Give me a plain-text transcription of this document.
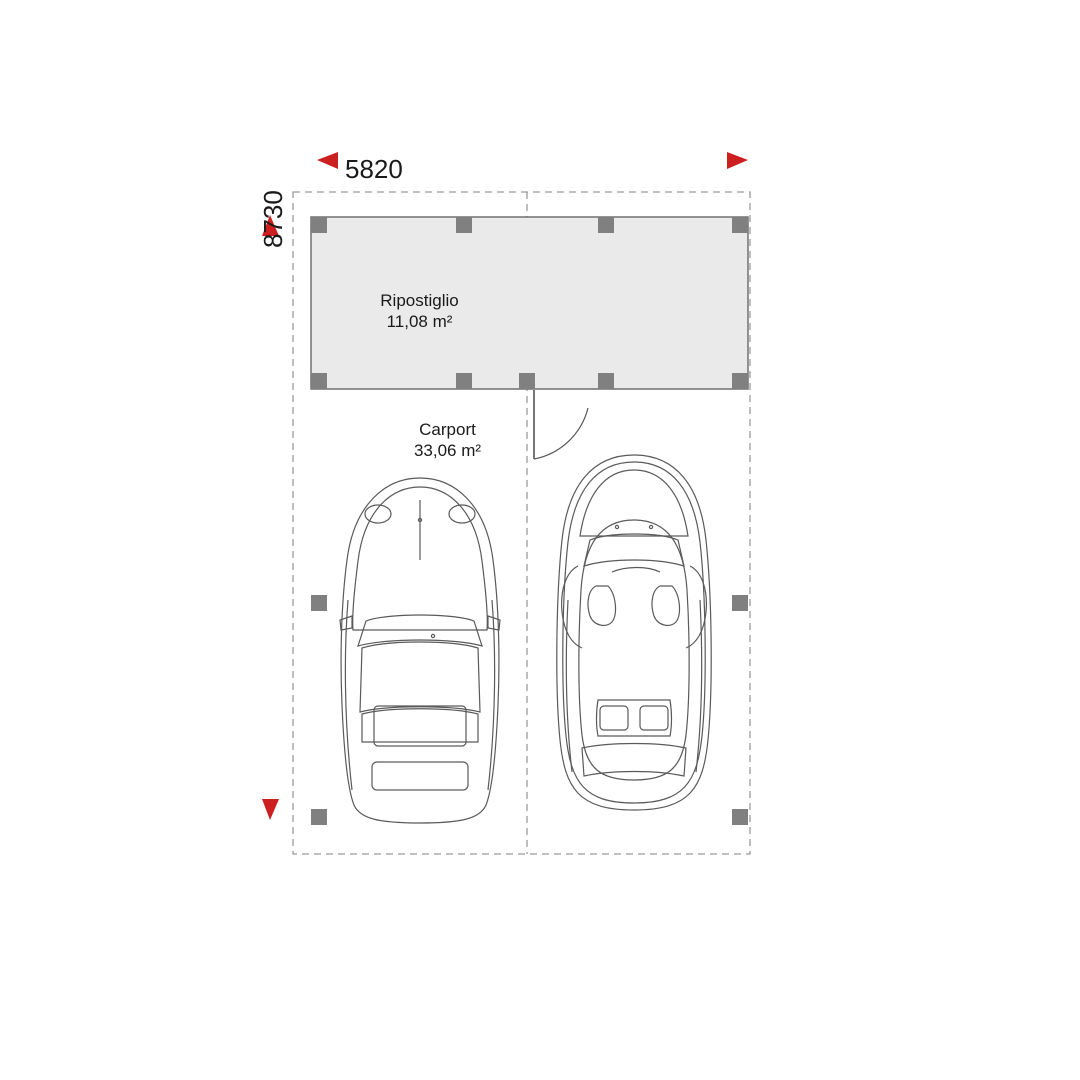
5820
8730
Ripostiglio
11,08 m²
Carport
33,06 m²
